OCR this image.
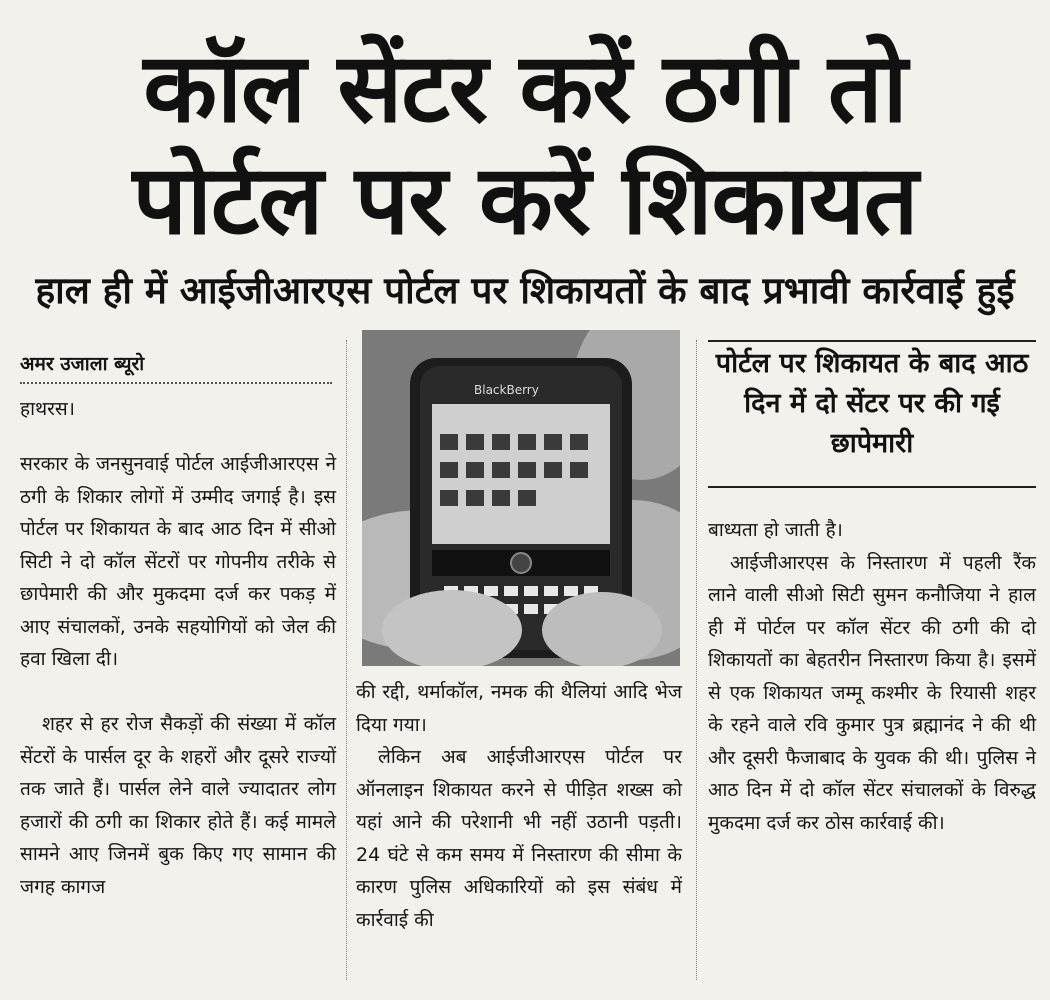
कॉल सेंटर करें ठगी तो
पोर्टल पर करें शिकायत
हाल ही में आईजीआरएस पोर्टल पर शिकायतों के बाद प्रभावी कार्रवाई हुई
अमर उजाला ब्यूरो
हाथरस।

सरकार के जनसुनवाई पोर्टल आईजीआरएस ने ठगी के शिकार लोगों में उम्मीद जगाई है। इस पोर्टल पर शिकायत के बाद आठ दिन में सीओ सिटी ने दो कॉल सेंटरों पर गोपनीय तरीके से छापेमारी की और मुकदमा दर्ज कर पकड़ में आए संचालकों, उनके सहयोगियों को जेल की हवा खिला दी।

शहर से हर रोज सैकड़ों की संख्या में कॉल सेंटरों के पार्सल दूर के शहरों और दूसरे राज्यों तक जाते हैं। पार्सल लेने वाले ज्यादातर लोग हजारों की ठगी का शिकार होते हैं। कई मामले सामने आए जिनमें बुक किए गए सामान की जगह कागज

BlackBerry

की रद्दी, थर्माकॉल, नमक की थैलियां आदि भेज दिया गया।

लेकिन अब आईजीआरएस पोर्टल पर ऑनलाइन शिकायत करने से पीड़ित शख्स को यहां आने की परेशानी भी नहीं उठानी पड़ती। 24 घंटे से कम समय में निस्तारण की सीमा के कारण पुलिस अधिकारियों को इस संबंध में कार्रवाई की

पोर्टल पर शिकायत के बाद आठ दिन में दो सेंटर पर की गई छापेमारी

बाध्यता हो जाती है।

आईजीआरएस के निस्तारण में पहली रैंक लाने वाली सीओ सिटी सुमन कनौजिया ने हाल ही में पोर्टल पर कॉल सेंटर की ठगी की दो शिकायतों का बेहतरीन निस्तारण किया है। इसमें से एक शिकायत जम्मू कश्मीर के रियासी शहर के रहने वाले रवि कुमार पुत्र ब्रह्मानंद ने की थी और दूसरी फैजाबाद के युवक की थी। पुलिस ने आठ दिन में दो कॉल सेंटर संचालकों के विरुद्ध मुकदमा दर्ज कर ठोस कार्रवाई की।
